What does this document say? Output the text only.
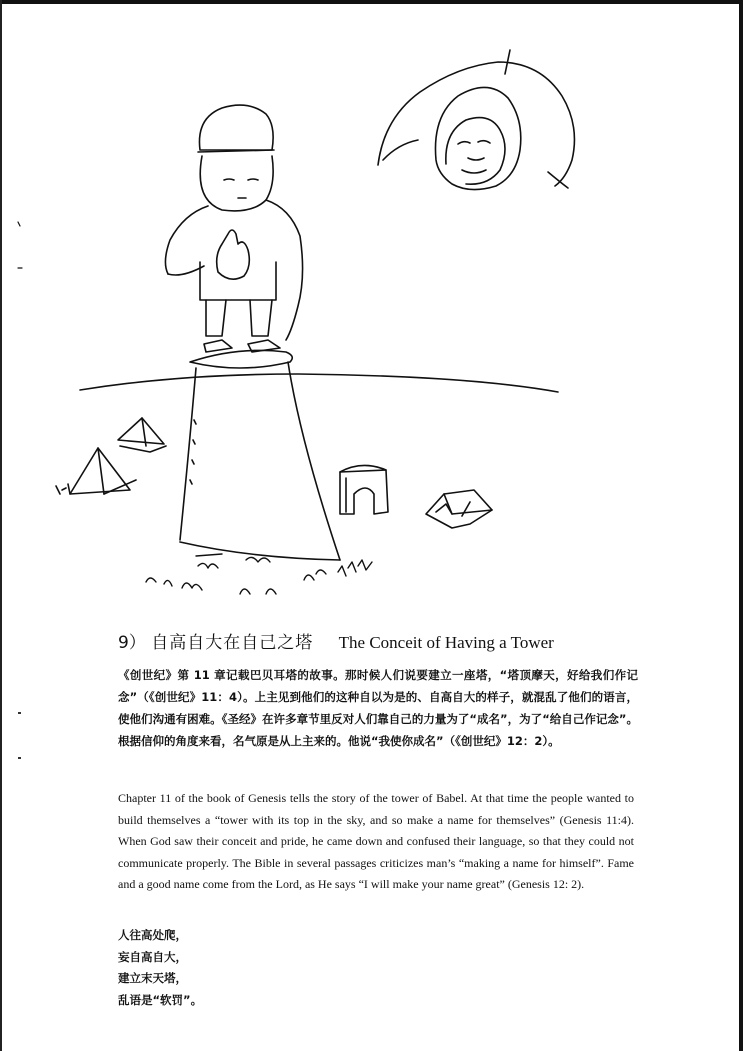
9） 自高自大在自己之塔 The Conceit of Having a Tower
《创世纪》第 11 章记载巴贝耳塔的故事。那时候人们说要建立一座塔，“塔顶摩天，好给我们作记念”（《创世纪》11：4）。上主见到他们的这种自以为是的、自高自大的样子，就混乱了他们的语言，使他们沟通有困难。《圣经》在许多章节里反对人们靠自己的力量为了“成名”，为了“给自己作记念”。根据信仰的角度来看，名气原是从上主来的。他说“我使你成名”（《创世纪》12：2）。
Chapter 11 of the book of Genesis tells the story of the tower of Babel. At that time the people wanted to build themselves a “tower with its top in the sky, and so make a name for themselves” (Genesis 11:4). When God saw their conceit and pride, he came down and confused their language, so that they could not communicate properly. The Bible in several passages criticizes man’s “making a name for himself”. Fame and a good name come from the Lord, as He says “I will make your name great” (Genesis 12: 2).
人往高处爬，
妄自高自大，
建立末天塔，
乱语是“软罚”。
